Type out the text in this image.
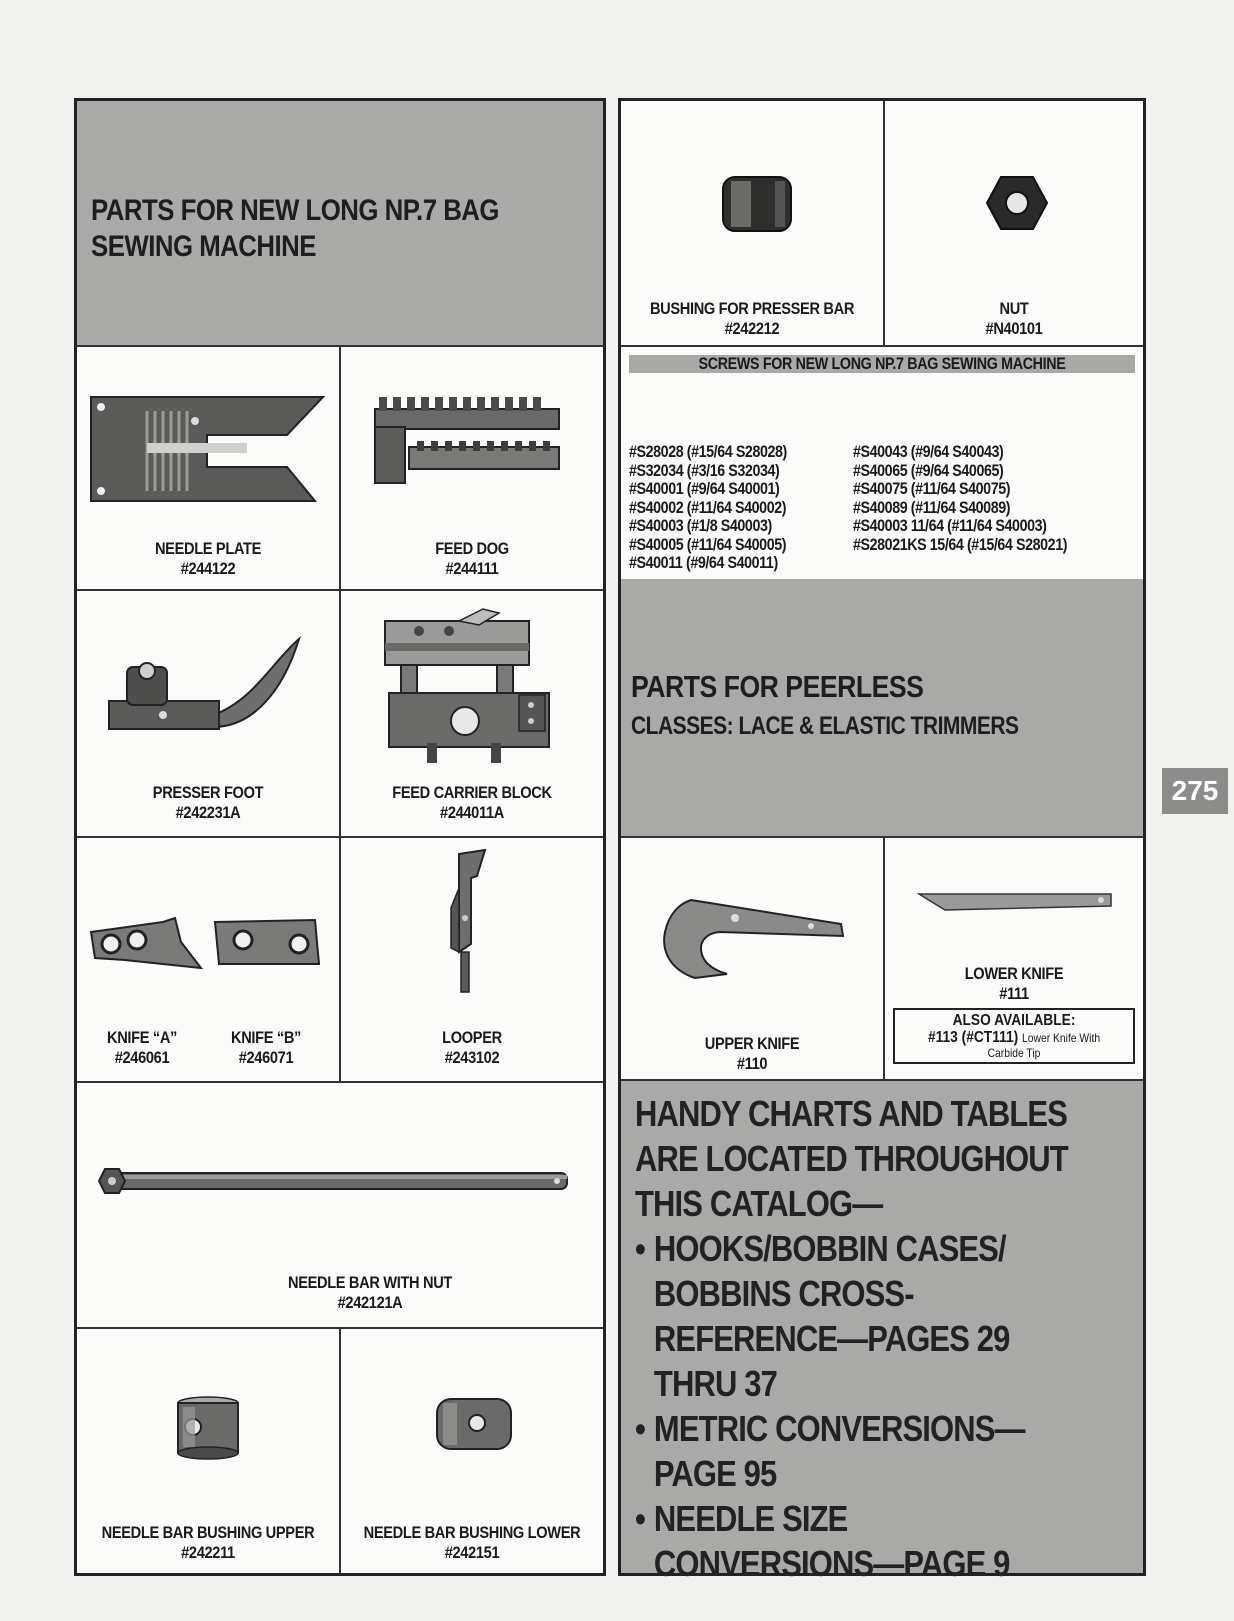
PARTS FOR NEW LONG NP.7 BAG
SEWING MACHINE
NEEDLE PLATE
#244122
FEED DOG
#244111
PRESSER FOOT
#242231A
FEED CARRIER BLOCK
#244011A
KNIFE “A”
#246061
KNIFE “B”
#246071
LOOPER
#243102
NEEDLE BAR WITH NUT
#242121A
NEEDLE BAR BUSHING UPPER
#242211
NEEDLE BAR BUSHING LOWER
#242151
BUSHING FOR PRESSER BAR
#242212
NUT
#N40101
SCREWS FOR NEW LONG NP.7 BAG SEWING MACHINE
#S28028 (#15/64 S28028)
#S32034 (#3/16 S32034)
#S40001 (#9/64 S40001)
#S40002 (#11/64 S40002)
#S40003 (#1/8 S40003)
#S40005 (#11/64 S40005)
#S40011 (#9/64 S40011)
#S40043 (#9/64 S40043)
#S40065 (#9/64 S40065)
#S40075 (#11/64 S40075)
#S40089 (#11/64 S40089)
#S40003 11/64 (#11/64 S40003)
#S28021KS 15/64 (#15/64 S28021)
PARTS FOR PEERLESS
CLASSES: LACE & ELASTIC TRIMMERS
UPPER KNIFE
#110
LOWER KNIFE
#111
ALSO AVAILABLE:
#113 (#CT111) Lower Knife With
Carbide Tip
HANDY CHARTS AND TABLES
ARE LOCATED THROUGHOUT
THIS CATALOG—
• HOOKS/BOBBIN CASES/
BOBBINS CROSS-
REFERENCE—PAGES 29
THRU 37
• METRIC CONVERSIONS—
PAGE 95
• NEEDLE SIZE
CONVERSIONS—PAGE 9
275
